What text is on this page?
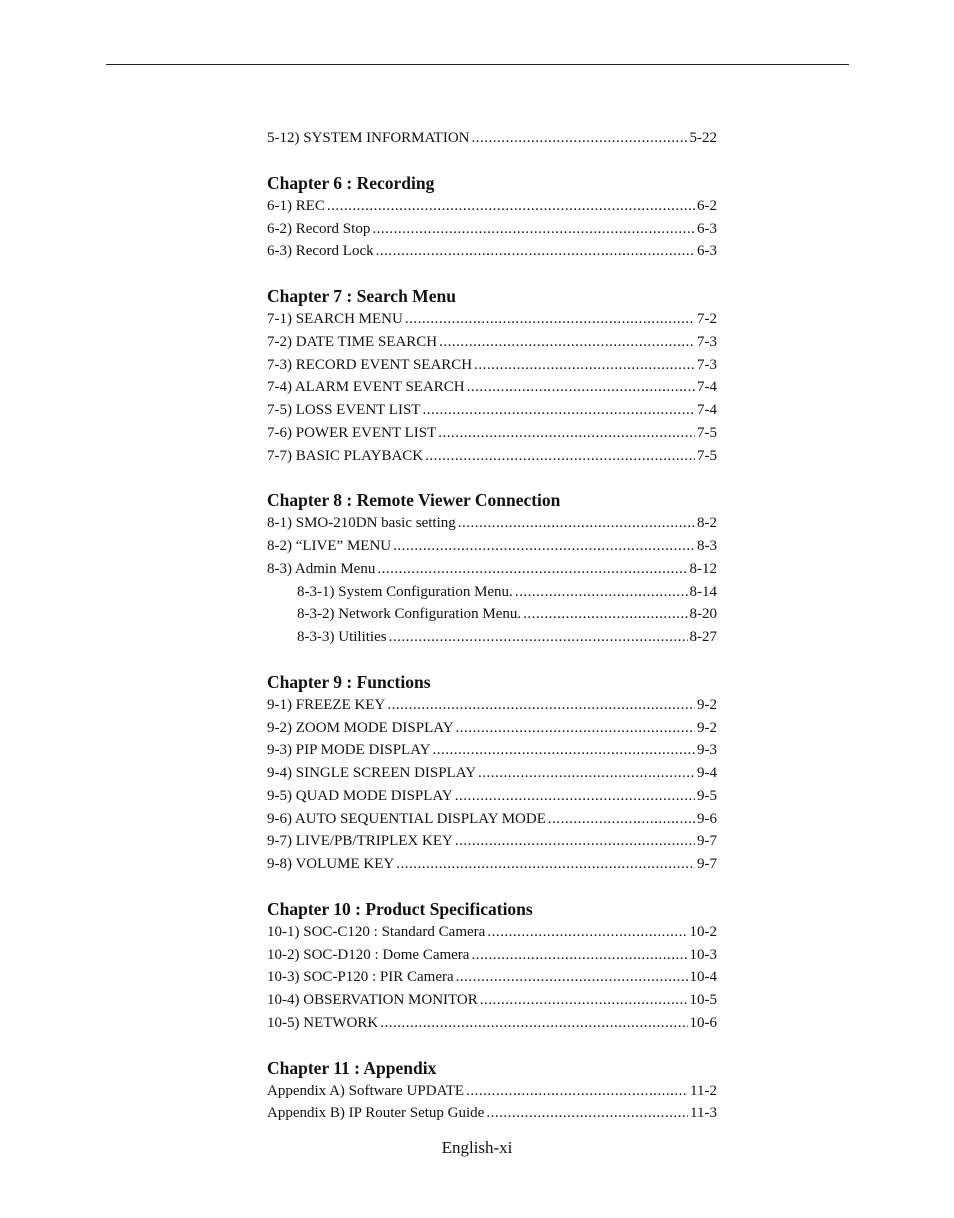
5-12) SYSTEM INFORMATION .....	5-22
Chapter 6 : Recording
6-1) REC .....	6-2
6-2) Record Stop .....	6-3
6-3) Record Lock .....	6-3
Chapter 7 : Search Menu
7-1) SEARCH MENU .....	7-2
7-2) DATE TIME SEARCH .....	7-3
7-3) RECORD EVENT SEARCH .....	7-3
7-4) ALARM EVENT SEARCH .....	7-4
7-5) LOSS EVENT LIST .....	7-4
7-6) POWER EVENT LIST .....	7-5
7-7) BASIC PLAYBACK .....	7-5
Chapter 8 : Remote Viewer Connection
8-1) SMO-210DN basic setting .....	8-2
8-2) “LIVE” MENU .....	8-3
8-3) Admin Menu .....	8-12
8-3-1) System Configuration Menu. .....	8-14
8-3-2) Network Configuration Menu. .....	8-20
8-3-3) Utilities .....	8-27
Chapter 9 : Functions
9-1) FREEZE KEY .....	9-2
9-2) ZOOM MODE DISPLAY .....	9-2
9-3) PIP MODE DISPLAY .....	9-3
9-4) SINGLE SCREEN DISPLAY .....	9-4
9-5) QUAD MODE DISPLAY .....	9-5
9-6) AUTO SEQUENTIAL DISPLAY MODE .....	9-6
9-7) LIVE/PB/TRIPLEX KEY .....	9-7
9-8) VOLUME KEY .....	9-7
Chapter 10 : Product Specifications
10-1) SOC-C120 : Standard Camera .....	10-2
10-2) SOC-D120 : Dome Camera .....	10-3
10-3) SOC-P120 : PIR Camera .....	10-4
10-4) OBSERVATION MONITOR .....	10-5
10-5) NETWORK .....	10-6
Chapter 11 : Appendix
Appendix A) Software UPDATE .....	11-2
Appendix B) IP Router Setup Guide .....	11-3
English-xi
